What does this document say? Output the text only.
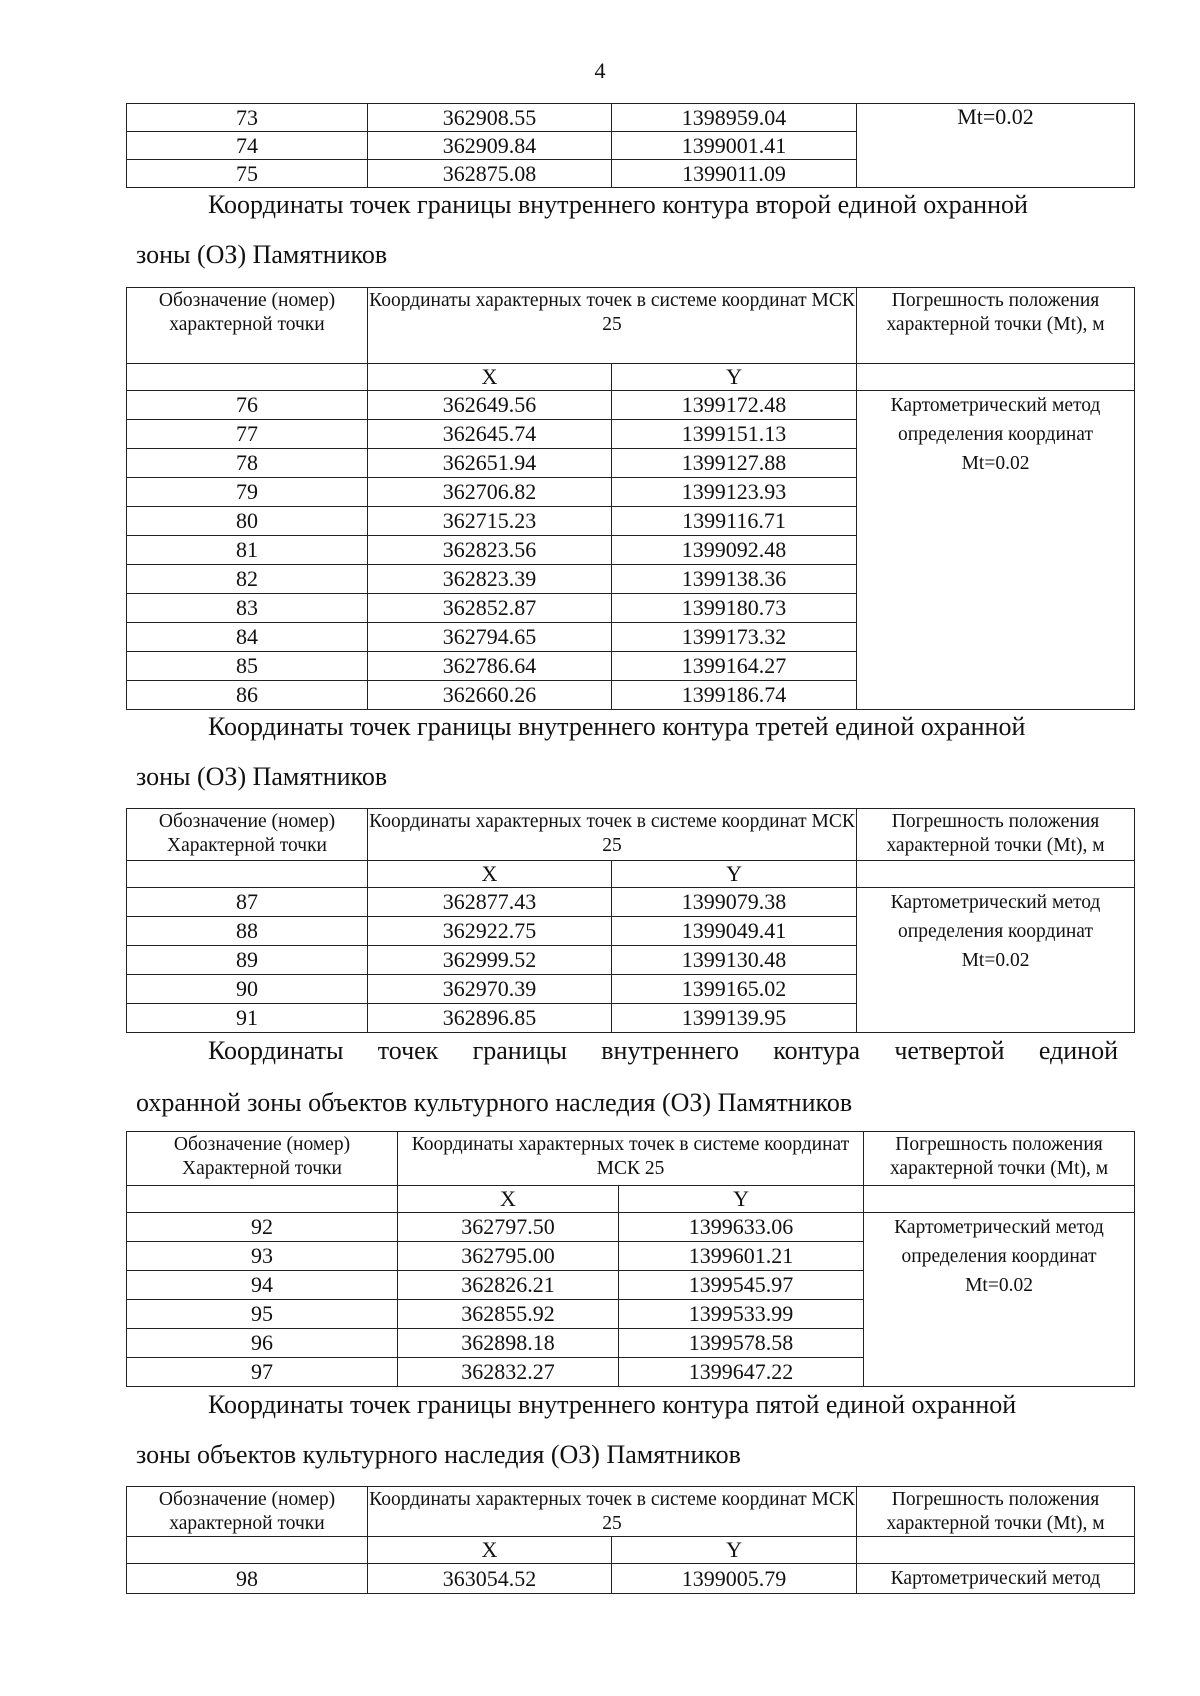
4
73	362908.55	1398959.04	Mt=0.02
74	362909.84	1399001.41	
75	362875.08	1399011.09	
Координаты точек границы внутреннего контура второй единой охранной
зоны (ОЗ) Памятников
Обозначение (номер) характерной точки	Координаты характерных точек в системе координат МСК 25		Погрешность положения характерной точки (Mt), м
	X	Y	
76	362649.56	1399172.48	Картометрический метод определения координат Mt=0.02
77	362645.74	1399151.13	
78	362651.94	1399127.88	
79	362706.82	1399123.93	
80	362715.23	1399116.71	
81	362823.56	1399092.48	
82	362823.39	1399138.36	
83	362852.87	1399180.73	
84	362794.65	1399173.32	
85	362786.64	1399164.27	
86	362660.26	1399186.74	
Координаты точек границы внутреннего контура третей единой охранной
зоны (ОЗ) Памятников
Обозначение (номер) Характерной точки	Координаты характерных точек в системе координат МСК 25		Погрешность положения характерной точки (Mt), м
	X	Y	
87	362877.43	1399079.38	Картометрический метод определения координат Mt=0.02
88	362922.75	1399049.41	
89	362999.52	1399130.48	
90	362970.39	1399165.02	
91	362896.85	1399139.95	
Координаты точек границы внутреннего контура четвертой единой
охранной зоны объектов культурного наследия (ОЗ) Памятников
Обозначение (номер) Характерной точки	Координаты характерных точек в системе координат МСК 25		Погрешность положения характерной точки (Mt), м
	X	Y	
92	362797.50	1399633.06	Картометрический метод определения координат Mt=0.02
93	362795.00	1399601.21	
94	362826.21	1399545.97	
95	362855.92	1399533.99	
96	362898.18	1399578.58	
97	362832.27	1399647.22	
Координаты точек границы внутреннего контура пятой единой охранной
зоны объектов культурного наследия (ОЗ) Памятников
Обозначение (номер) характерной точки	Координаты характерных точек в системе координат МСК 25		Погрешность положения характерной точки (Mt), м
	X	Y	
98	363054.52	1399005.79	Картометрический метод
